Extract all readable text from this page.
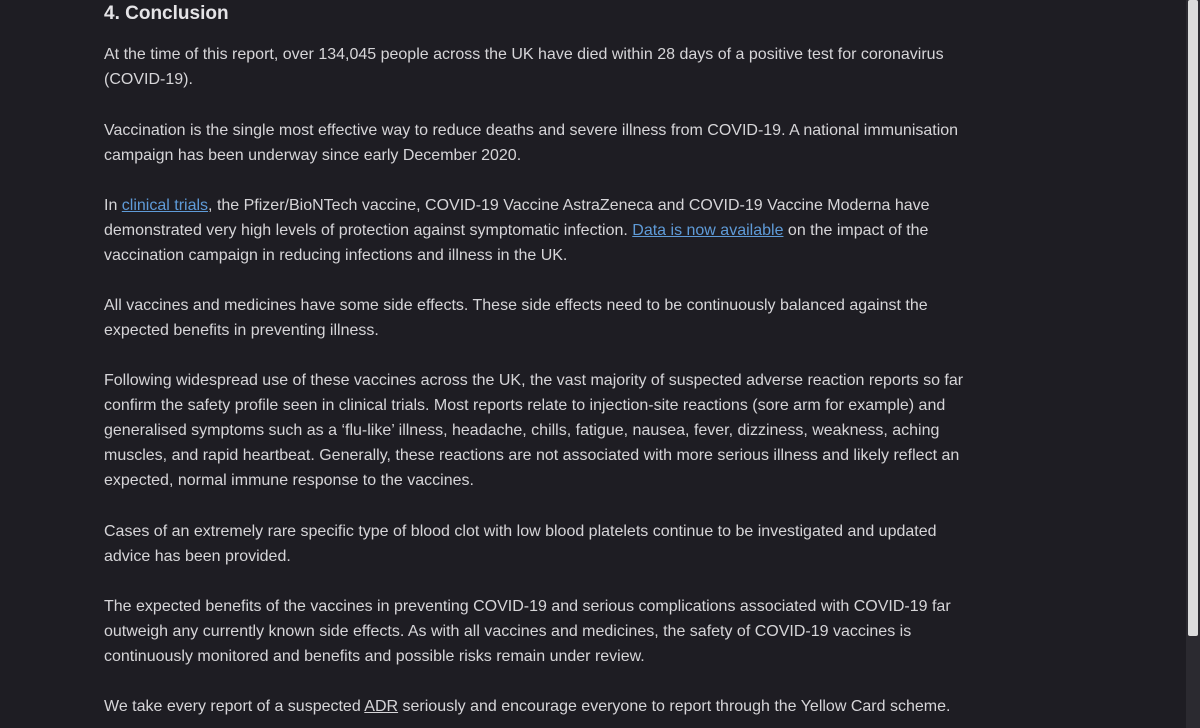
4. Conclusion

At the time of this report, over 134,045 people across the UK have died within 28 days of a positive test for coronavirus (COVID-19).

Vaccination is the single most effective way to reduce deaths and severe illness from COVID-19. A national immunisation campaign has been underway since early December 2020.

In clinical trials, the Pfizer/BioNTech vaccine, COVID-19 Vaccine AstraZeneca and COVID-19 Vaccine Moderna have demonstrated very high levels of protection against symptomatic infection. Data is now available on the impact of the vaccination campaign in reducing infections and illness in the UK.

All vaccines and medicines have some side effects. These side effects need to be continuously balanced against the expected benefits in preventing illness.

Following widespread use of these vaccines across the UK, the vast majority of suspected adverse reaction reports so far confirm the safety profile seen in clinical trials. Most reports relate to injection-site reactions (sore arm for example) and generalised symptoms such as a ‘flu-like’ illness, headache, chills, fatigue, nausea, fever, dizziness, weakness, aching muscles, and rapid heartbeat. Generally, these reactions are not associated with more serious illness and likely reflect an expected, normal immune response to the vaccines.

Cases of an extremely rare specific type of blood clot with low blood platelets continue to be investigated and updated advice has been provided.

The expected benefits of the vaccines in preventing COVID-19 and serious complications associated with COVID-19 far outweigh any currently known side effects. As with all vaccines and medicines, the safety of COVID-19 vaccines is continuously monitored and benefits and possible risks remain under review.

We take every report of a suspected ADR seriously and encourage everyone to report through the Yellow Card scheme.
